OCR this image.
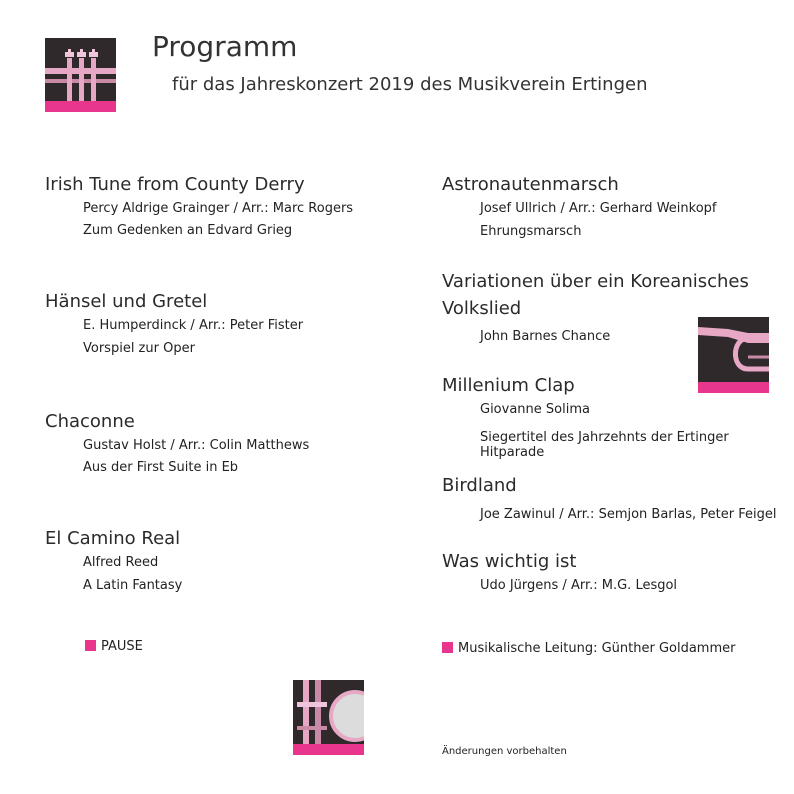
Programm
für das Jahreskonzert 2019 des Musikverein Ertingen
Irish Tune from County Derry
Percy Aldrige Grainger / Arr.: Marc Rogers
Zum Gedenken an Edvard Grieg
Hänsel und Gretel
E. Humperdinck / Arr.: Peter Fister
Vorspiel zur Oper
Chaconne
Gustav Holst / Arr.: Colin Matthews
Aus der First Suite in Eb
El Camino Real
Alfred Reed
A Latin Fantasy
PAUSE
Astronautenmarsch
Josef Ullrich / Arr.: Gerhard Weinkopf
Ehrungsmarsch
Variationen über ein Koreanisches
Volkslied
John Barnes Chance
Millenium Clap
Giovanne Solima
Siegertitel des Jahrzehnts der Ertinger Hitparade
Birdland
Joe Zawinul / Arr.: Semjon Barlas, Peter Feigel
Was wichtig ist
Udo Jürgens / Arr.: M.G. Lesgol
Musikalische Leitung: Günther Goldammer
Änderungen vorbehalten
